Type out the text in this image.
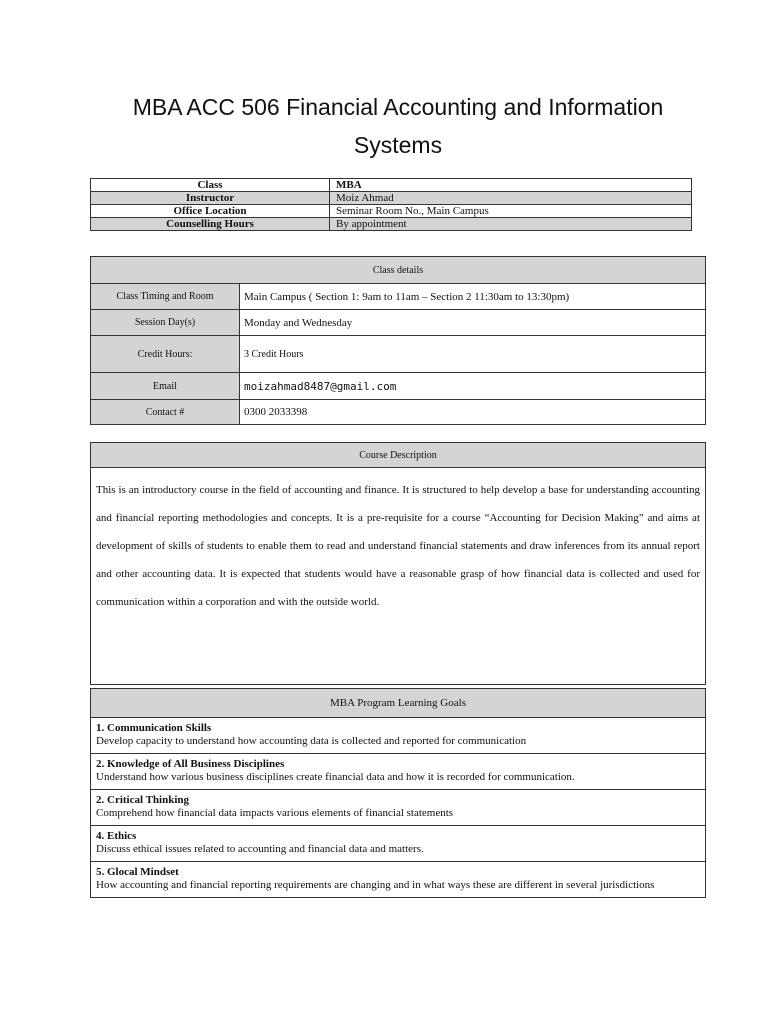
MBA ACC 506 Financial Accounting and Information Systems
Class	MBA
Instructor	Moiz Ahmad
Office Location	Seminar Room No., Main Campus
Counselling Hours	By appointment
Class details	
Class Timing and Room	Main Campus ( Section 1: 9am to 11am – Section 2 11:30am to 13:30pm)
Session Day(s)	Monday and Wednesday
Credit Hours:	3 Credit Hours
Email	moizahmad8487@gmail.com
Contact #	0300 2033398
Course Description
This is an introductory course in the field of accounting and finance. It is structured to help develop a base for understanding accounting and financial reporting methodologies and concepts. It is a pre-requisite for a course “Accounting for Decision Making” and aims at development of skills of students to enable them to read and understand financial statements and draw inferences from its annual report and other accounting data. It is expected that students would have a reasonable grasp of how financial data is collected and used for communication within a corporation and with the outside world.
MBA Program Learning Goals

1. Communication Skills
Develop capacity to understand how accounting data is collected and reported for communication

2. Knowledge of All Business Disciplines
Understand how various business disciplines create financial data and how it is recorded for communication.

2. Critical Thinking
Comprehend how financial data impacts various elements of financial statements

4. Ethics
Discuss ethical issues related to accounting and financial data and matters.

5. Glocal Mindset
How accounting and financial reporting requirements are changing and in what ways these are different in several jurisdictions
